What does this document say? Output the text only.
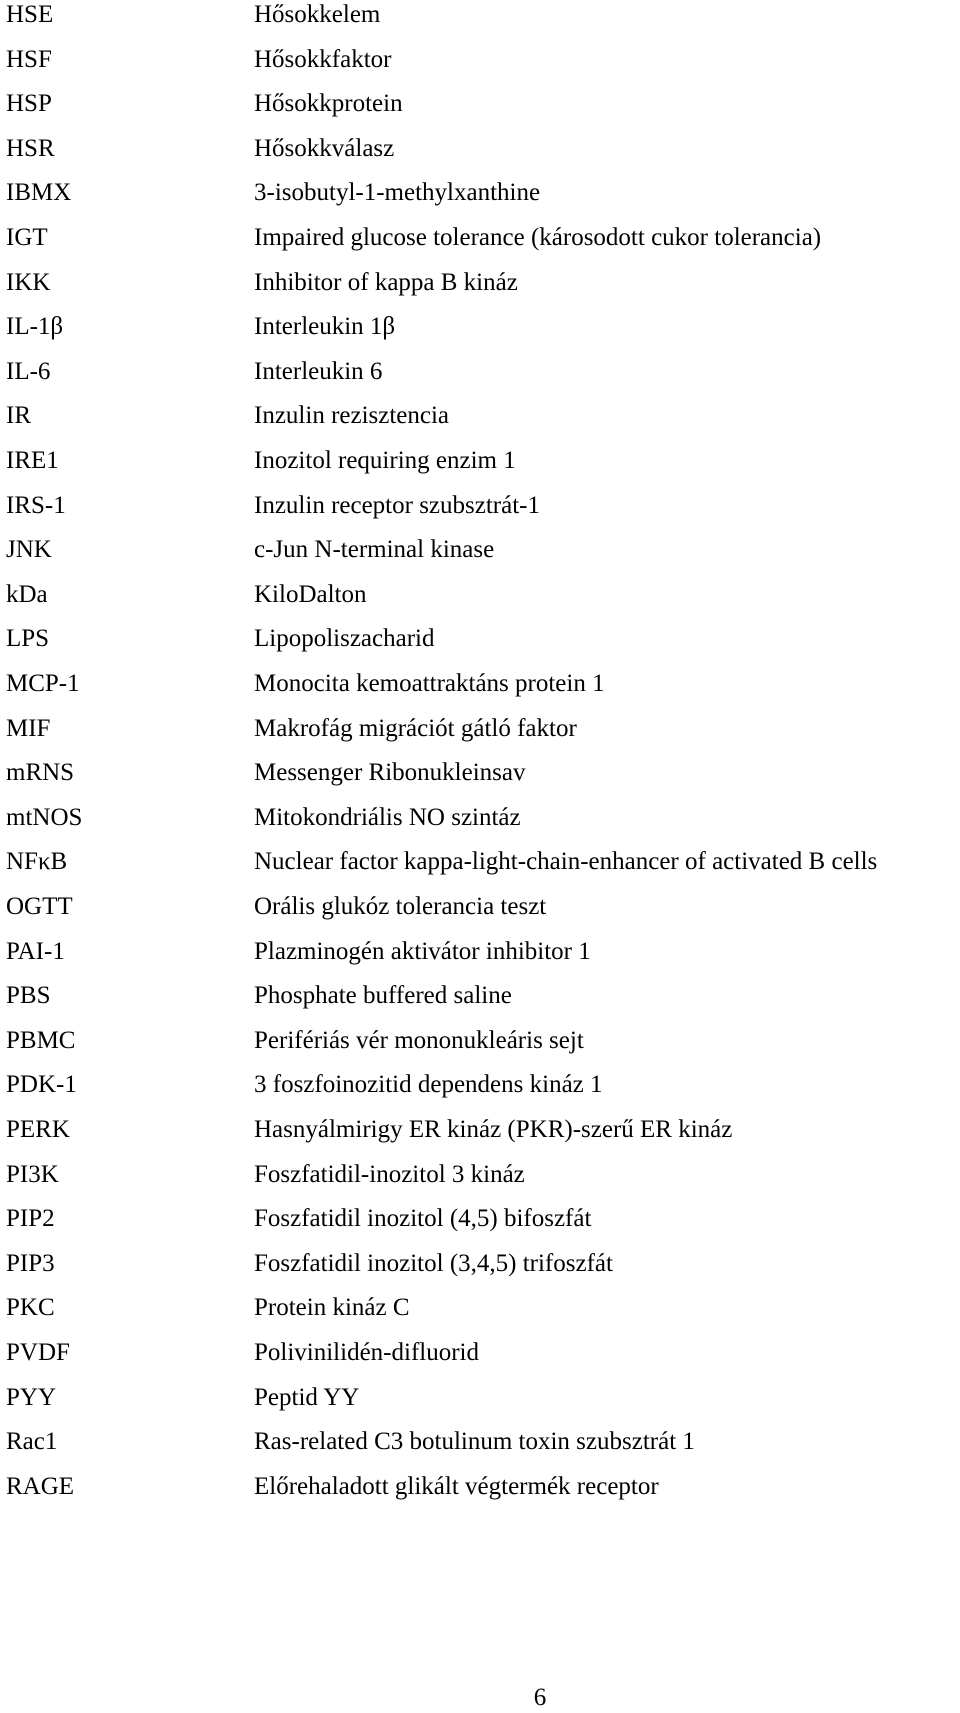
HSE	Hősokkelem
HSF	Hősokkfaktor
HSP	Hősokkprotein
HSR	Hősokkválasz
IBMX	3-isobutyl-1-methylxanthine
IGT	Impaired glucose tolerance (károsodott cukor tolerancia)
IKK	Inhibitor of kappa B kináz
IL-1β	Interleukin 1β
IL-6	Interleukin 6
IR	Inzulin rezisztencia
IRE1	Inozitol requiring enzim 1
IRS-1	Inzulin receptor szubsztrát-1
JNK	c-Jun N-terminal kinase
kDa	KiloDalton
LPS	Lipopoliszacharid
MCP-1	Monocita kemoattraktáns protein 1
MIF	Makrofág migrációt gátló faktor
mRNS	Messenger Ribonukleinsav
mtNOS	Mitokondriális NO szintáz
NFκB	Nuclear factor kappa-light-chain-enhancer of activated B cells
OGTT	Orális glukóz tolerancia teszt
PAI-1	Plazminogén aktivátor inhibitor 1
PBS	Phosphate buffered saline
PBMC	Perifériás vér mononukleáris sejt
PDK-1	3 foszfoinozitid dependens kináz 1
PERK	Hasnyálmirigy ER kináz (PKR)-szerű ER kináz
PI3K	Foszfatidil-inozitol 3 kináz
PIP2	Foszfatidil inozitol (4,5) bifoszfát
PIP3	Foszfatidil inozitol (3,4,5) trifoszfát
PKC	Protein kináz C
PVDF	Polivinilidén-difluorid
PYY	Peptid YY
Rac1	Ras-related C3 botulinum toxin szubsztrát 1
RAGE	Előrehaladott glikált végtermék receptor
6
